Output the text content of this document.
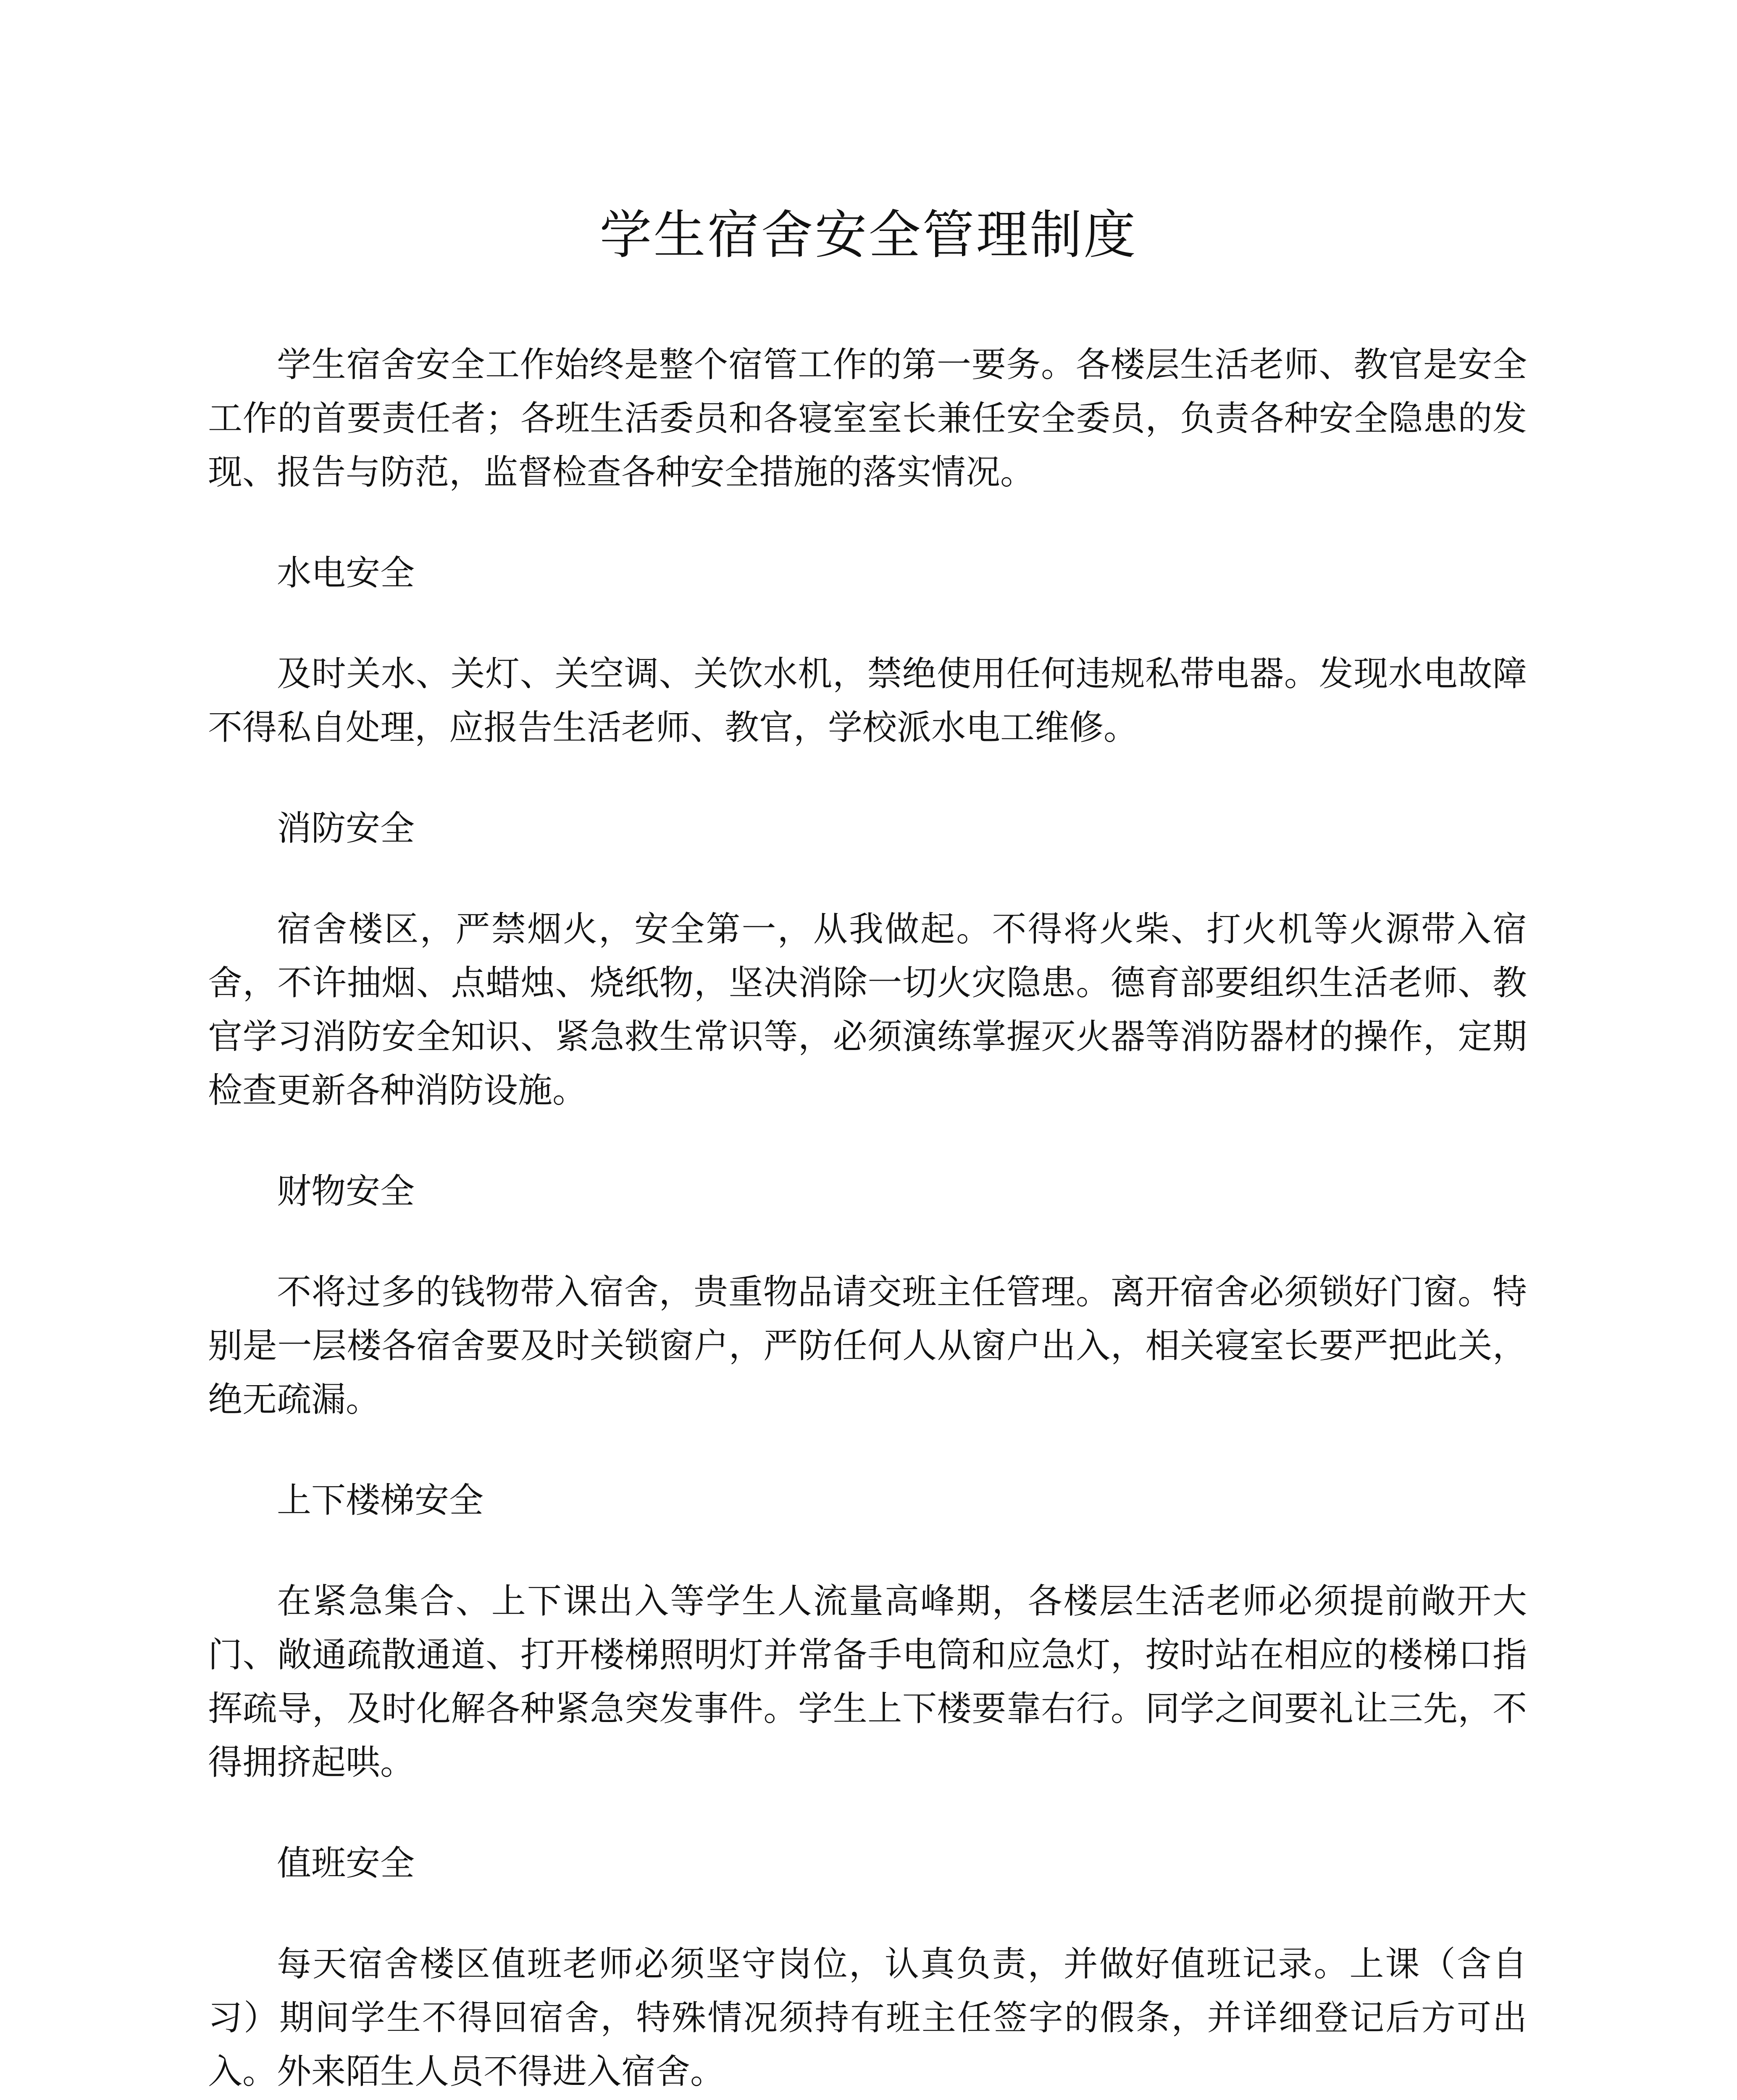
学生宿舍安全管理制度

学生宿舍安全工作始终是整个宿管工作的第一要务。各楼层生活老师、教官是安全工作的首要责任者；各班生活委员和各寝室室长兼任安全委员，负责各种安全隐患的发现、报告与防范，监督检查各种安全措施的落实情况。

水电安全

及时关水、关灯、关空调、关饮水机，禁绝使用任何违规私带电器。发现水电故障不得私自处理，应报告生活老师、教官，学校派水电工维修。

消防安全

宿舍楼区，严禁烟火，安全第一，从我做起。不得将火柴、打火机等火源带入宿舍，不许抽烟、点蜡烛、烧纸物，坚决消除一切火灾隐患。德育部要组织生活老师、教官学习消防安全知识、紧急救生常识等，必须演练掌握灭火器等消防器材的操作，定期检查更新各种消防设施。

财物安全

不将过多的钱物带入宿舍，贵重物品请交班主任管理。离开宿舍必须锁好门窗。特别是一层楼各宿舍要及时关锁窗户，严防任何人从窗户出入，相关寝室长要严把此关，绝无疏漏。

上下楼梯安全

在紧急集合、上下课出入等学生人流量高峰期，各楼层生活老师必须提前敞开大门、敞通疏散通道、打开楼梯照明灯并常备手电筒和应急灯，按时站在相应的楼梯口指挥疏导，及时化解各种紧急突发事件。学生上下楼要靠右行。同学之间要礼让三先，不得拥挤起哄。

值班安全

每天宿舍楼区值班老师必须坚守岗位，认真负责，并做好值班记录。上课（含自习）期间学生不得回宿舍，特殊情况须持有班主任签字的假条，并详细登记后方可出入。外来陌生人员不得进入宿舍。
